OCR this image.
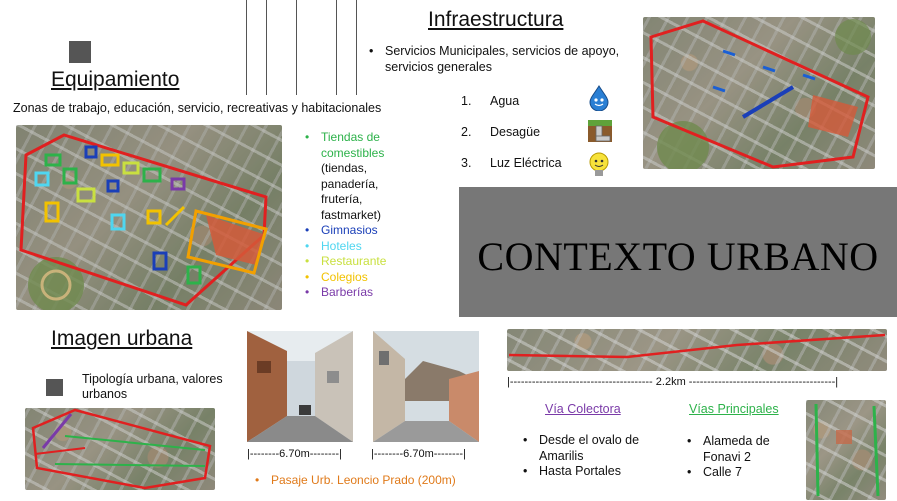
Equipamiento
Zonas de trabajo, educación, servicio, recreativas y habitacionales
• Tiendas de comestibles
(tiendas, panadería, frutería, fastmarket)
• Gimnasios
• Hoteles
• Restaurante
• Colegios
• Barberías
Infraestructura
• Servicios Municipales, servicios de apoyo, servicios generales
1. Agua
2. Desagüe
3. Luz Eléctrica
CONTEXTO URBANO
Imagen urbana
Tipología urbana, valores urbanos
|--------6.70m--------|	|--------6.70m--------|
• Pasaje Urb. Leoncio Prado (200m)
|--------------------------------------- 2.2km ----------------------------------------|
Vía Colectora
• Desde el ovalo de Amarilis
• Hasta Portales
Vías Principales
• Alameda de Fonavi 2
• Calle 7
